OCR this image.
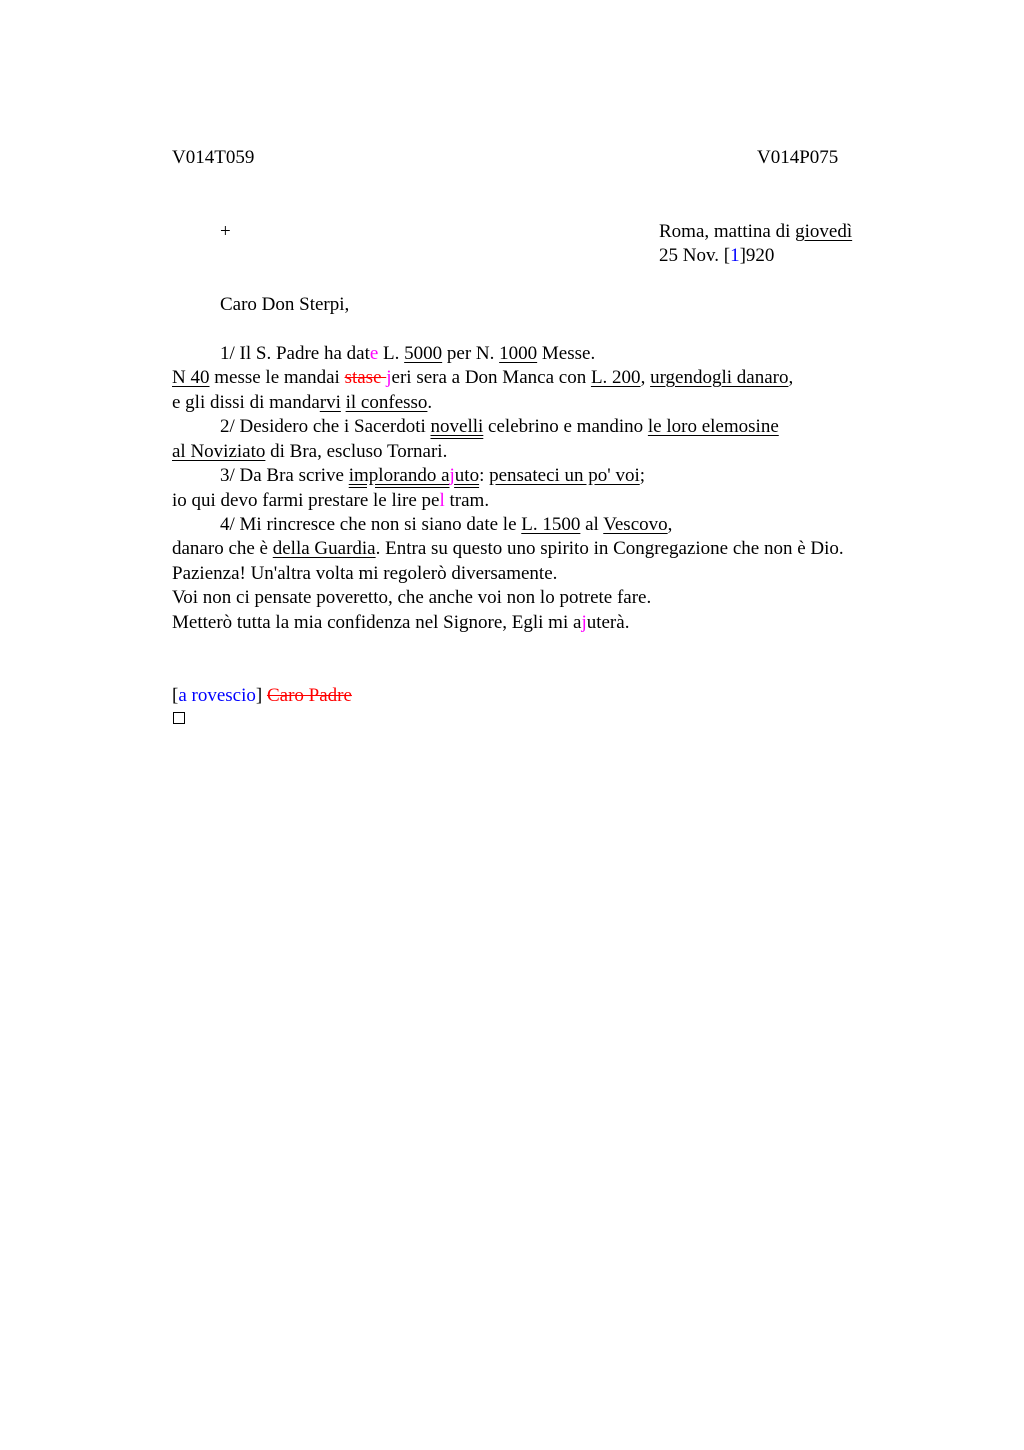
V014T059	V014P075
+	Roma, mattina di giovedì
25 Nov. [1]920
Caro Don Sterpi,
1/ Il S. Padre ha date L. 5000 per N. 1000 Messe.
N 40 messe le mandai stase jeri sera a Don Manca con L. 200, urgendogli danaro,
e gli dissi di mandarvi il confesso.
2/ Desidero che i Sacerdoti novelli celebrino e mandino le loro elemosine
al Noviziato di Bra, escluso Tornari.
3/ Da Bra scrive implorando ajuto: pensateci un po' voi;
io qui devo farmi prestare le lire pel tram.
4/ Mi rincresce che non si siano date le L. 1500 al Vescovo,
danaro che è della Guardia. Entra su questo uno spirito in Congregazione che non è Dio.
Pazienza! Un'altra volta mi regolerò diversamente.
Voi non ci pensate poveretto, che anche voi non lo potrete fare.
Metterò tutta la mia confidenza nel Signore, Egli mi ajuterà.
[a rovescio] Caro Padre
